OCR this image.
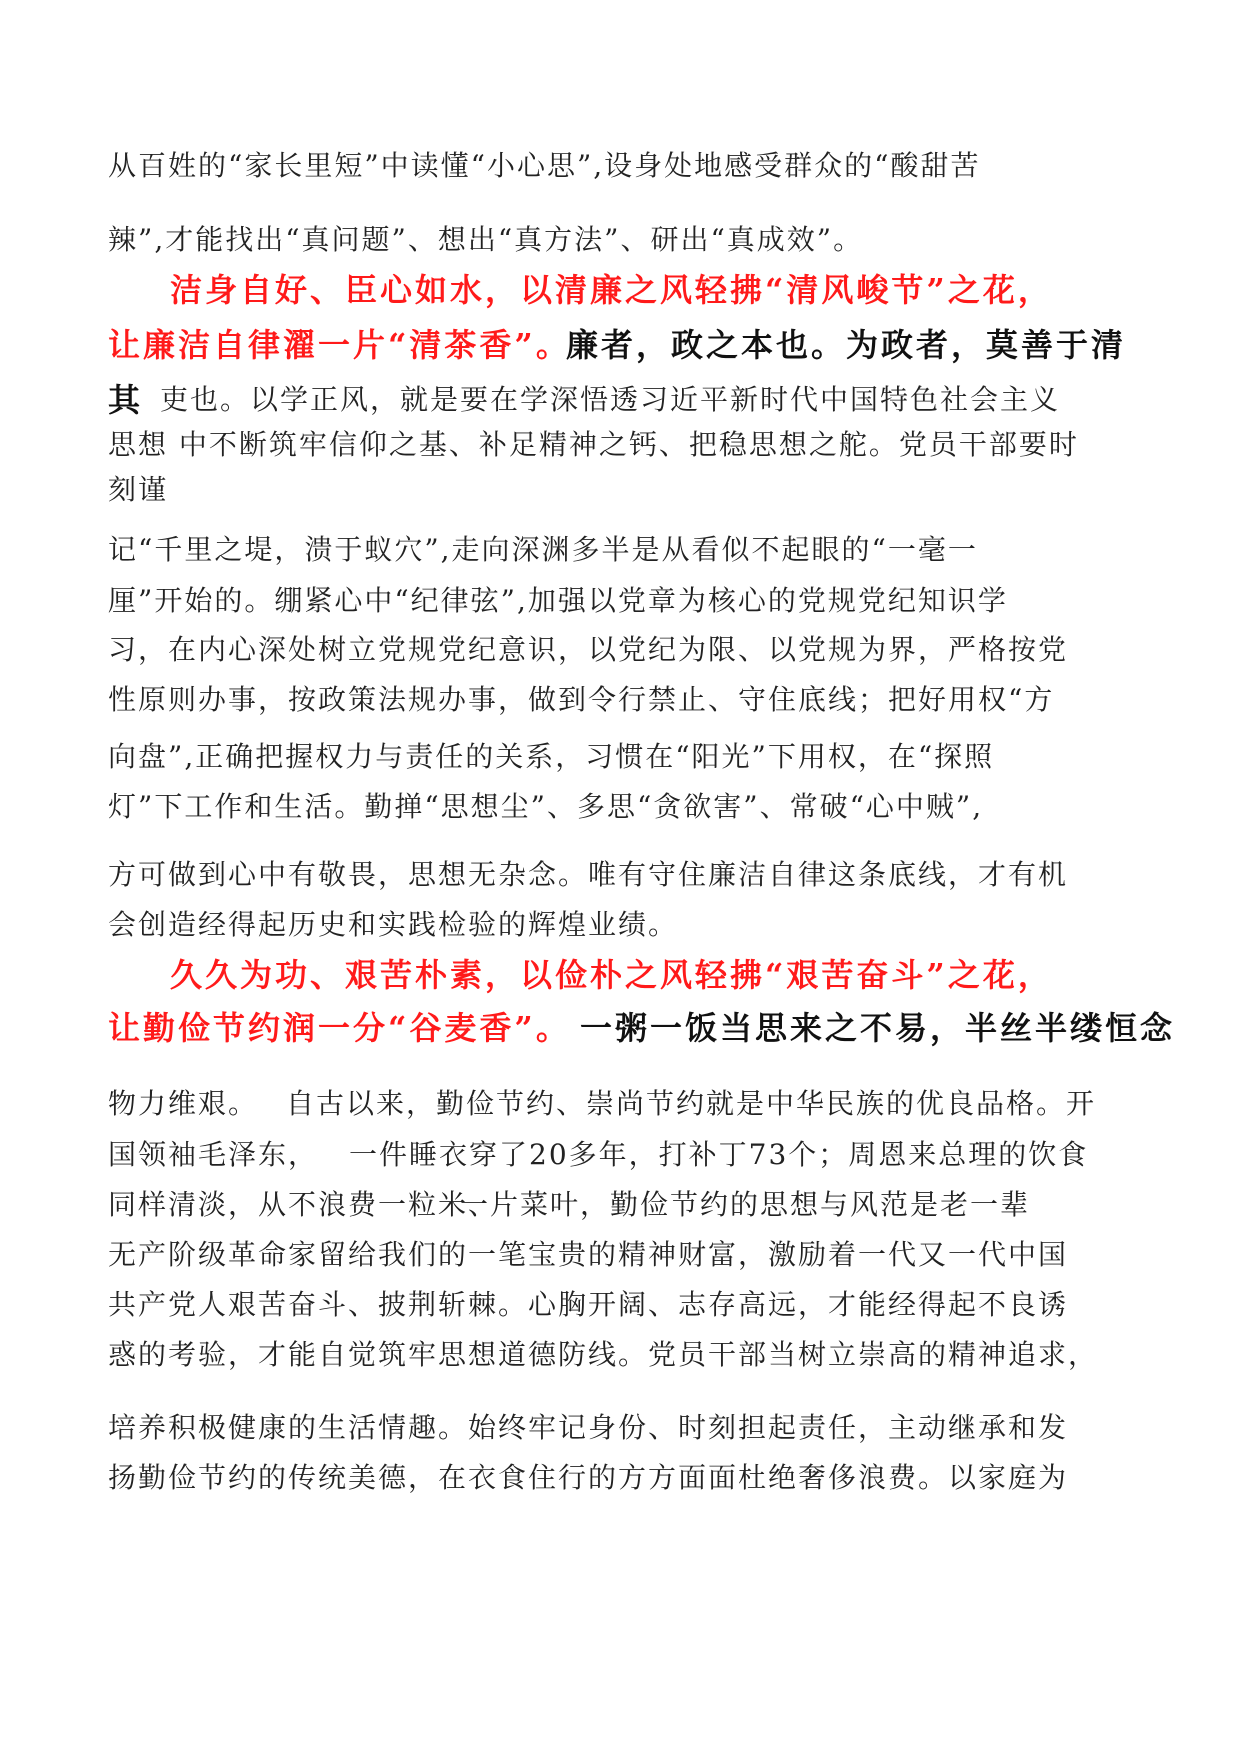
从百姓的“家长里短”中读懂“小心思”,设身处地感受群众的“酸甜苦
辣”,才能找出“真问题”、想出“真方法”、研出“真成效”。
洁身自好、臣心如水，以清廉之风轻拂“清风峻节”之花，
让廉洁自律濯一片“清茶香”。
廉者，政之本也。为政者，莫善于清
其 吏也。以学正风，就是要在学深悟透习近平新时代中国特色社会主义
思想 中不断筑牢信仰之基、补足精神之钙、把稳思想之舵。党员干部要时
刻谨
记“千里之堤，溃于蚁穴”,走向深渊多半是从看似不起眼的“一毫一
厘”开始的。绷紧心中“纪律弦”,加强以党章为核心的党规党纪知识学
习，在内心深处树立党规党纪意识，以党纪为限、以党规为界，严格按党
性原则办事，按政策法规办事，做到令行禁止、守住底线；把好用权“方
向盘”,正确把握权力与责任的关系，习惯在“阳光”下用权，在“探照
灯”下工作和生活。勤掸“思想尘”、多思“贪欲害”、常破“心中贼”,
方可做到心中有敬畏，思想无杂念。唯有守住廉洁自律这条底线，才有机
会创造经得起历史和实践检验的辉煌业绩。
久久为功、艰苦朴素，以俭朴之风轻拂“艰苦奋斗”之花，
让勤俭节约润一分“谷麦香”。 一粥一饭当思来之不易，半丝半缕恒念
物力维艰。 自古以来，勤俭节约、崇尚节约就是中华民族的优良品格。开
国领袖毛泽东， 一件睡衣穿了20多年，打补丁73个；周恩来总理的饮食
同样清淡，从不浪费一粒米、
一片菜叶，勤俭节约的思想与风范是老一辈
无产阶级革命家留给我们的一笔宝贵的精神财富，激励着一代又一代中国
共产党人艰苦奋斗、披荆斩棘。心胸开阔、志存高远，才能经得起不良诱
惑的考验，才能自觉筑牢思想道德防线。党员干部当树立崇高的精神追求，
培养积极健康的生活情趣。始终牢记身份、时刻担起责任，主动继承和发
扬勤俭节约的传统美德，在衣食住行的方方面面杜绝奢侈浪费。以家庭为
